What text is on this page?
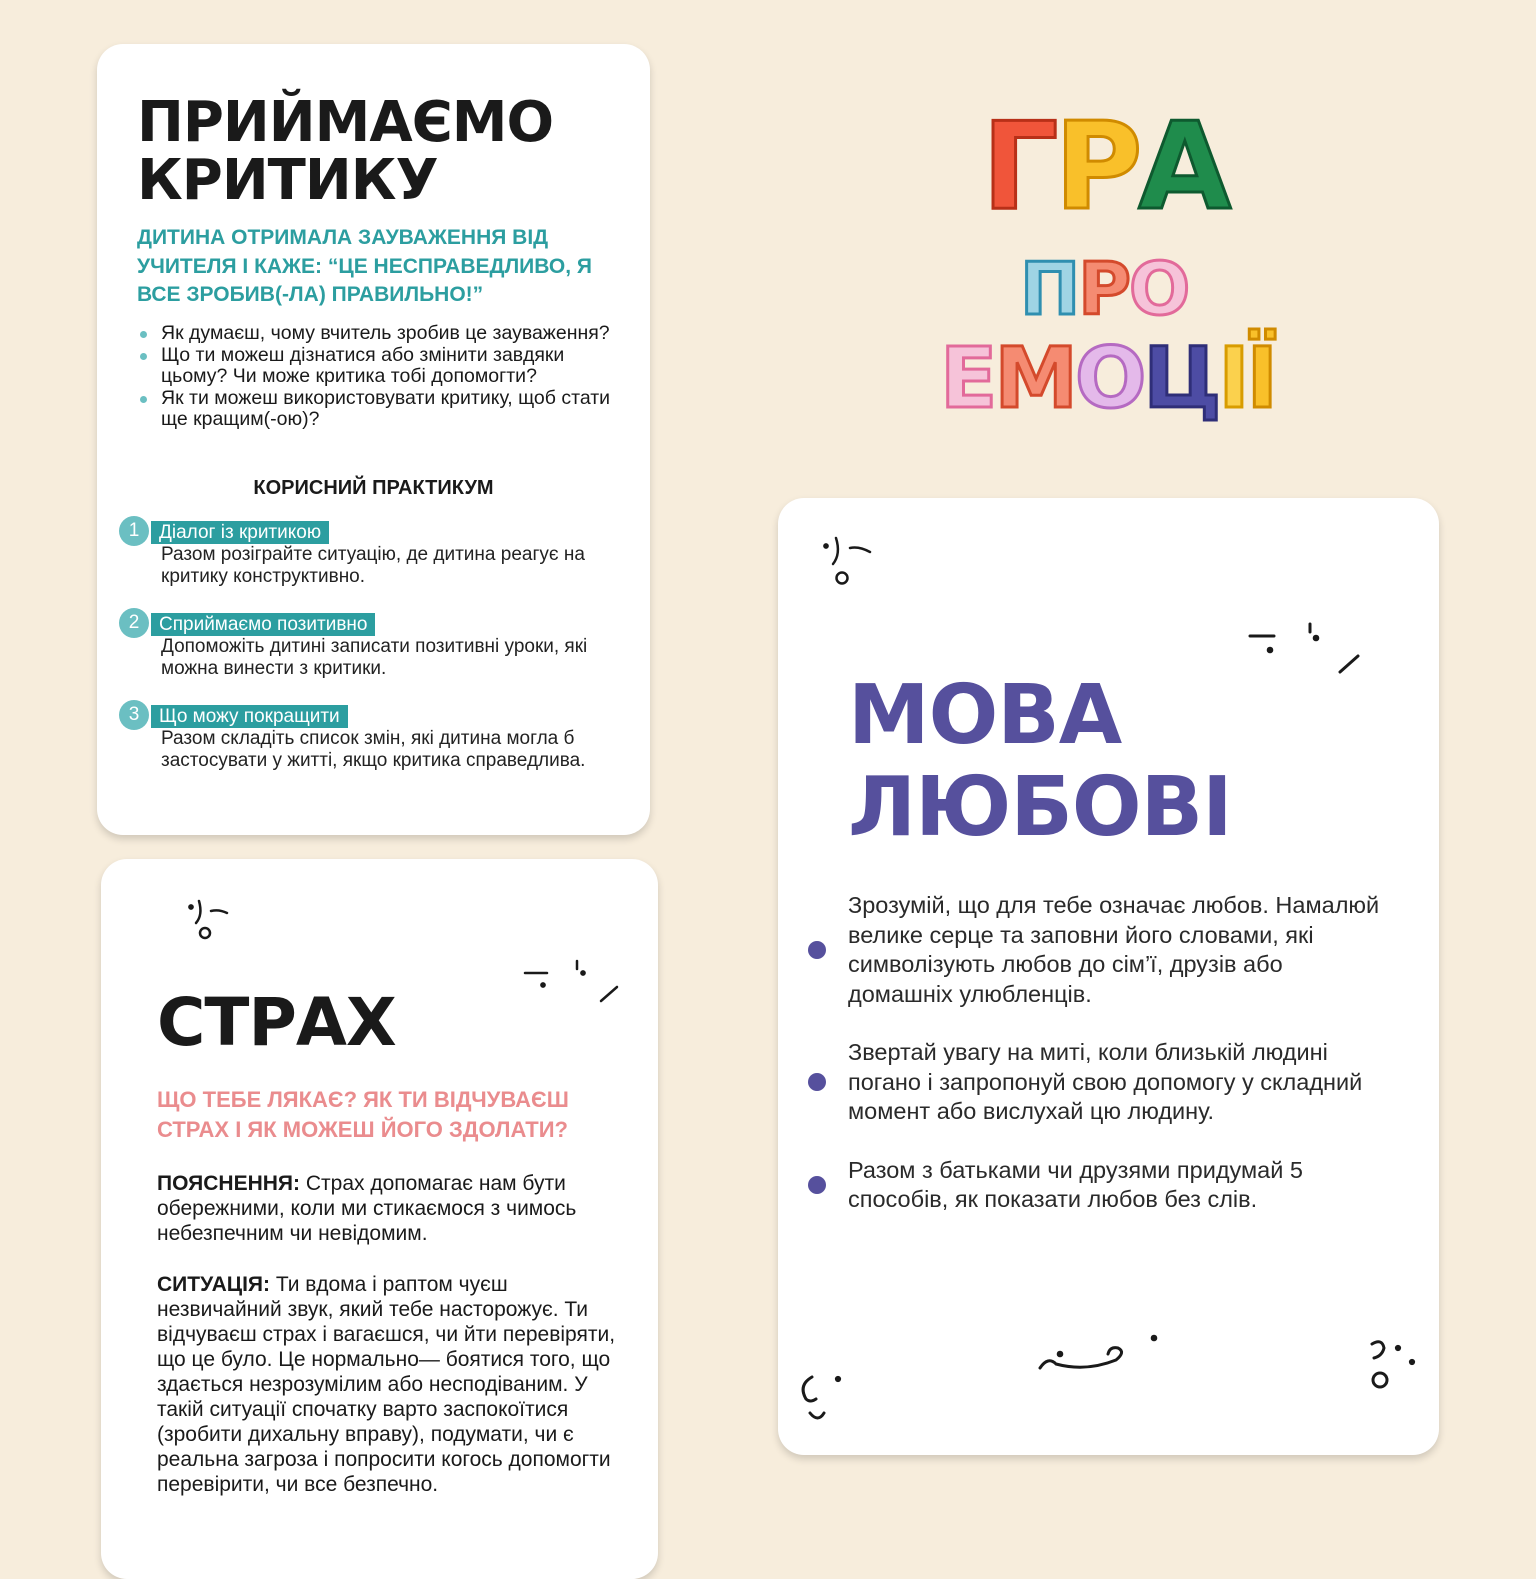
ГРА
ПРО
ЕМОЦІЇ
ПРИЙМАЄМО
КРИТИКУ

ДИТИНА ОТРИМАЛА ЗАУВАЖЕННЯ ВІД УЧИТЕЛЯ І КАЖЕ: “ЦЕ НЕСПРАВЕДЛИВО, Я ВСЕ ЗРОБИВ(-ЛА) ПРАВИЛЬНО!”

Як думаєш, чому вчитель зробив це зауваження?
Що ти можеш дізнатися або змінити завдяки цьому? Чи може критика тобі допомогти?
Як ти можеш використовувати критику, щоб стати ще кращим(-ою)?

КОРИСНИЙ ПРАКТИКУМ

Діалог із критикою
1

Разом розіграйте ситуацію, де дитина реагує на критику конструктивно.

Сприймаємо позитивно
2

Допоможіть дитині записати позитивні уроки, які можна винести з критики.

Що можу покращити
3

Разом складіть список змін, які дитина могла б застосувати у житті, якщо критика справедлива.

СТРАХ

ЩО ТЕБЕ ЛЯКАЄ? ЯК ТИ ВІДЧУВАЄШ СТРАХ І ЯК МОЖЕШ ЙОГО ЗДОЛАТИ?

ПОЯСНЕННЯ: Страх допомагає нам бути обережними, коли ми стикаємося з чимось небезпечним чи невідомим.

СИТУАЦІЯ: Ти вдома і раптом чуєш незвичайний звук, який тебе насторожує. Ти відчуваєш страх і вагаєшся, чи йти перевіряти, що це було. Це нормально— боятися того, що здається незрозумілим або несподіваним. У такій ситуації спочатку варто заспокоїтися (зробити дихальну вправу), подумати, чи є реальна загроза і попросити когось допомогти перевірити, чи все безпечно.

МОВА
ЛЮБОВІ
Зрозумій, що для тебе означає любов. Намалюй велике серце та заповни його словами, які символізують любов до сім’ї, друзів або домашніх улюбленців.
Звертай увагу на миті, коли близькій людині погано і запропонуй свою допомогу у складний момент або вислухай цю людину.
Разом з батьками чи друзями придумай 5 способів, як показати любов без слів.
